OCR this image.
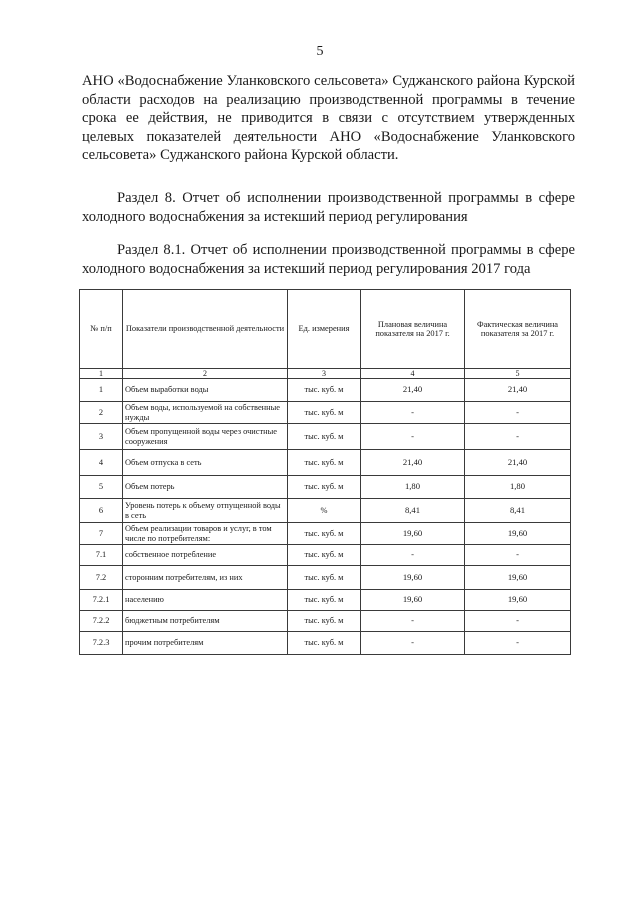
5

АНО «Водоснабжение Уланковского сельсовета» Суджанского района Курской области расходов на реализацию производственной программы в течение срока ее действия, не приводится в связи с отсутствием утвержденных целевых показателей деятельности АНО «Водоснабжение Уланковского сельсовета» Суджанского района Курской области.

Раздел 8. Отчет об исполнении производственной программы в сфере холодного водоснабжения за истекший период регулирования

Раздел 8.1. Отчет об исполнении производственной программы в сфере холодного водоснабжения за истекший период регулирования 2017 года

№ п/п	Показатели производственной деятельности	Ед. измерения	Плановая величина показателя на 2017 г.	Фактическая величина показателя за 2017 г.
1	2	3	4	5
1	Объем выработки воды	тыс. куб. м	21,40	21,40
2	Объем воды, используемой на собственные нужды	тыс. куб. м	-	-
3	Объем пропущенной воды через очистные сооружения	тыс. куб. м	-	-
4	Объем отпуска в сеть	тыс. куб. м	21,40	21,40
5	Объем потерь	тыс. куб. м	1,80	1,80
6	Уровень потерь к объему отпущенной воды в сеть	%	8,41	8,41
7	Объем реализации товаров и услуг, в том числе по потребителям:	тыс. куб. м	19,60	19,60
7.1	собственное потребление	тыс. куб. м	-	-
7.2	сторонним потребителям, из них	тыс. куб. м	19,60	19,60
7.2.1	населению	тыс. куб. м	19,60	19,60
7.2.2	бюджетным потребителям	тыс. куб. м	-	-
7.2.3	прочим потребителям	тыс. куб. м	-	-
